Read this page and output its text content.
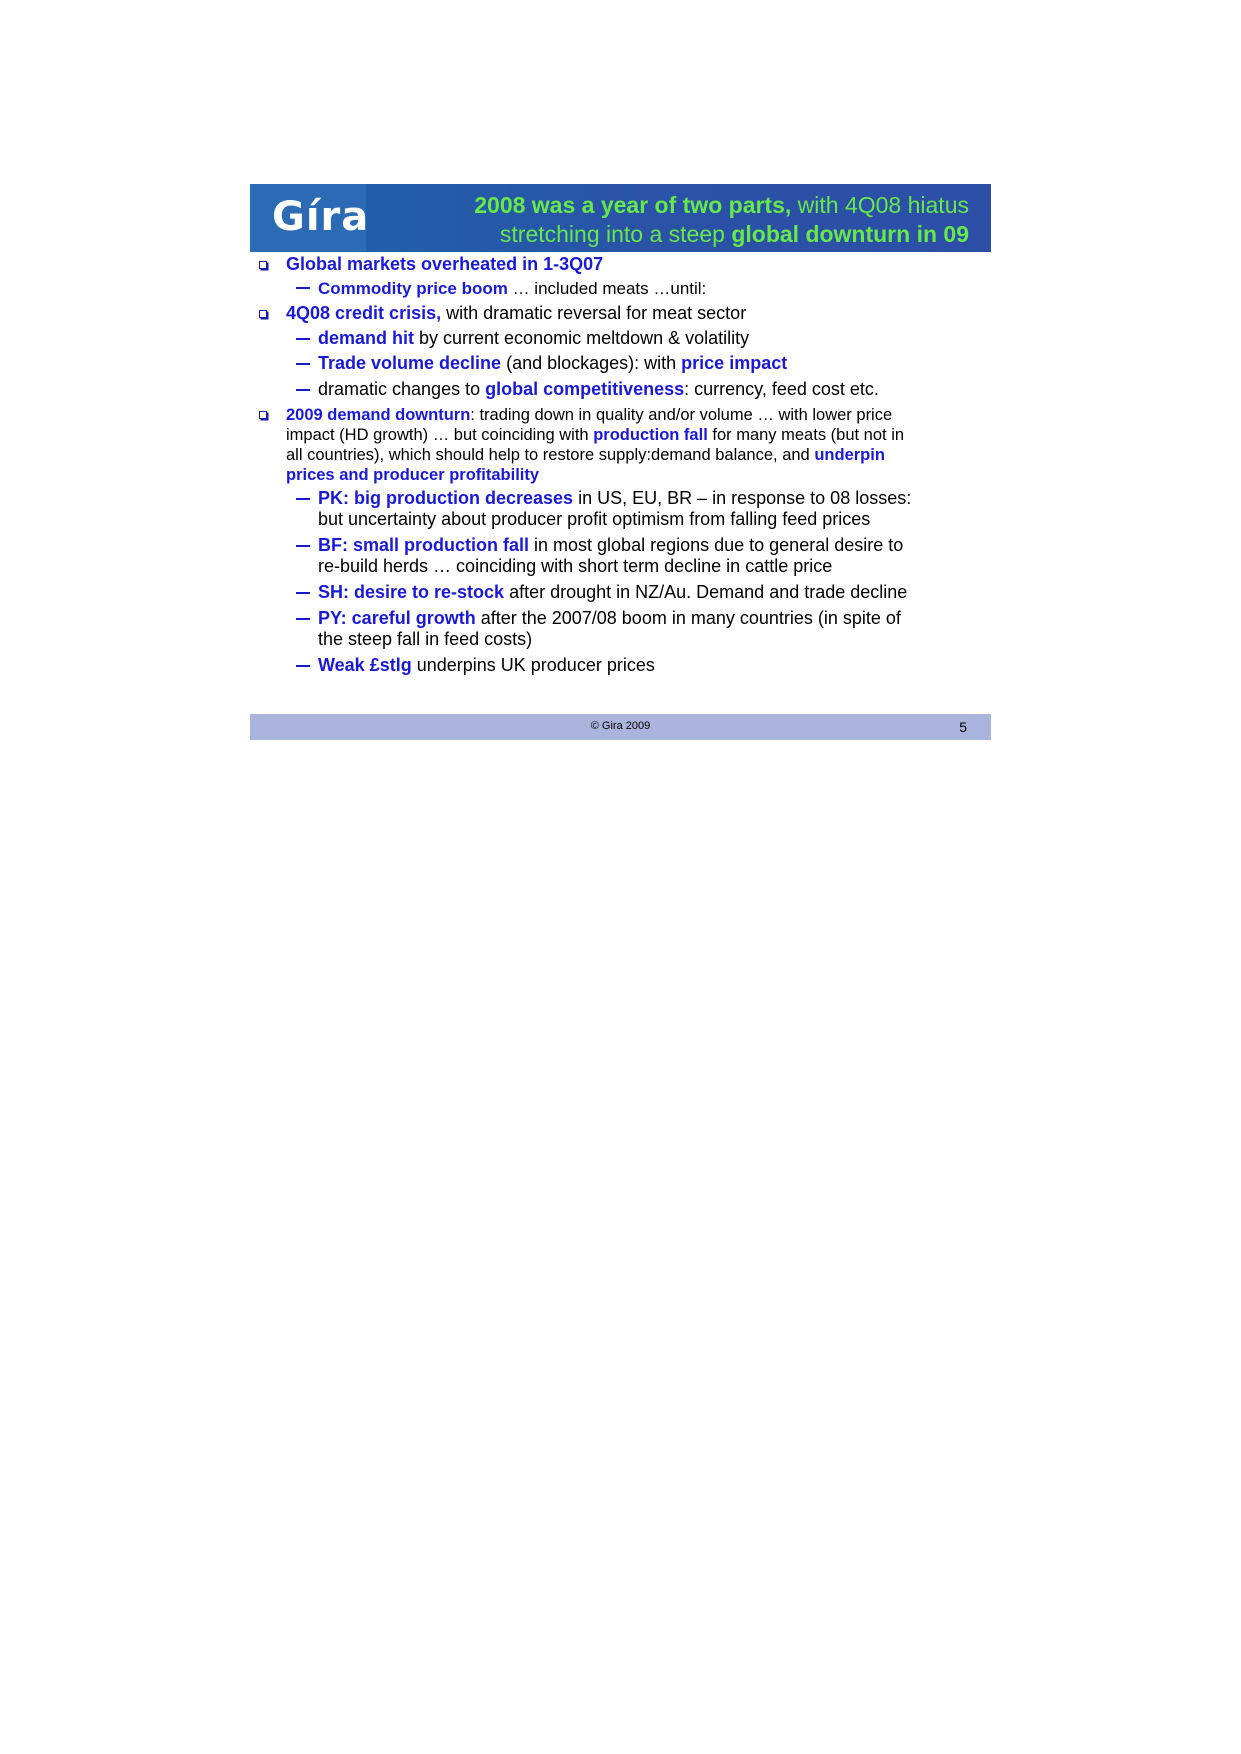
Gíra	2008 was a year of two parts, with 4Q08 hiatus
stretching into a steep global downturn in 09
Global markets overheated in 1-3Q07
Commodity price boom … included meats …until:
4Q08 credit crisis, with dramatic reversal for meat sector
demand hit by current economic meltdown & volatility
Trade volume decline (and blockages): with price impact
dramatic changes to global competitiveness: currency, feed cost etc.
2009 demand downturn: trading down in quality and/or volume … with lower price
impact (HD growth) … but coinciding with production fall for many meats (but not in
all countries), which should help to restore supply:demand balance, and underpin
prices and producer profitability
PK: big production decreases in US, EU, BR – in response to 08 losses:
but uncertainty about producer profit optimism from falling feed prices
BF: small production fall in most global regions due to general desire to
re-build herds … coinciding with short term decline in cattle price
SH: desire to re-stock after drought in NZ/Au. Demand and trade decline
PY: careful growth after the 2007/08 boom in many countries (in spite of
the steep fall in feed costs)
Weak £stlg underpins UK producer prices
© Gira 2009	5
